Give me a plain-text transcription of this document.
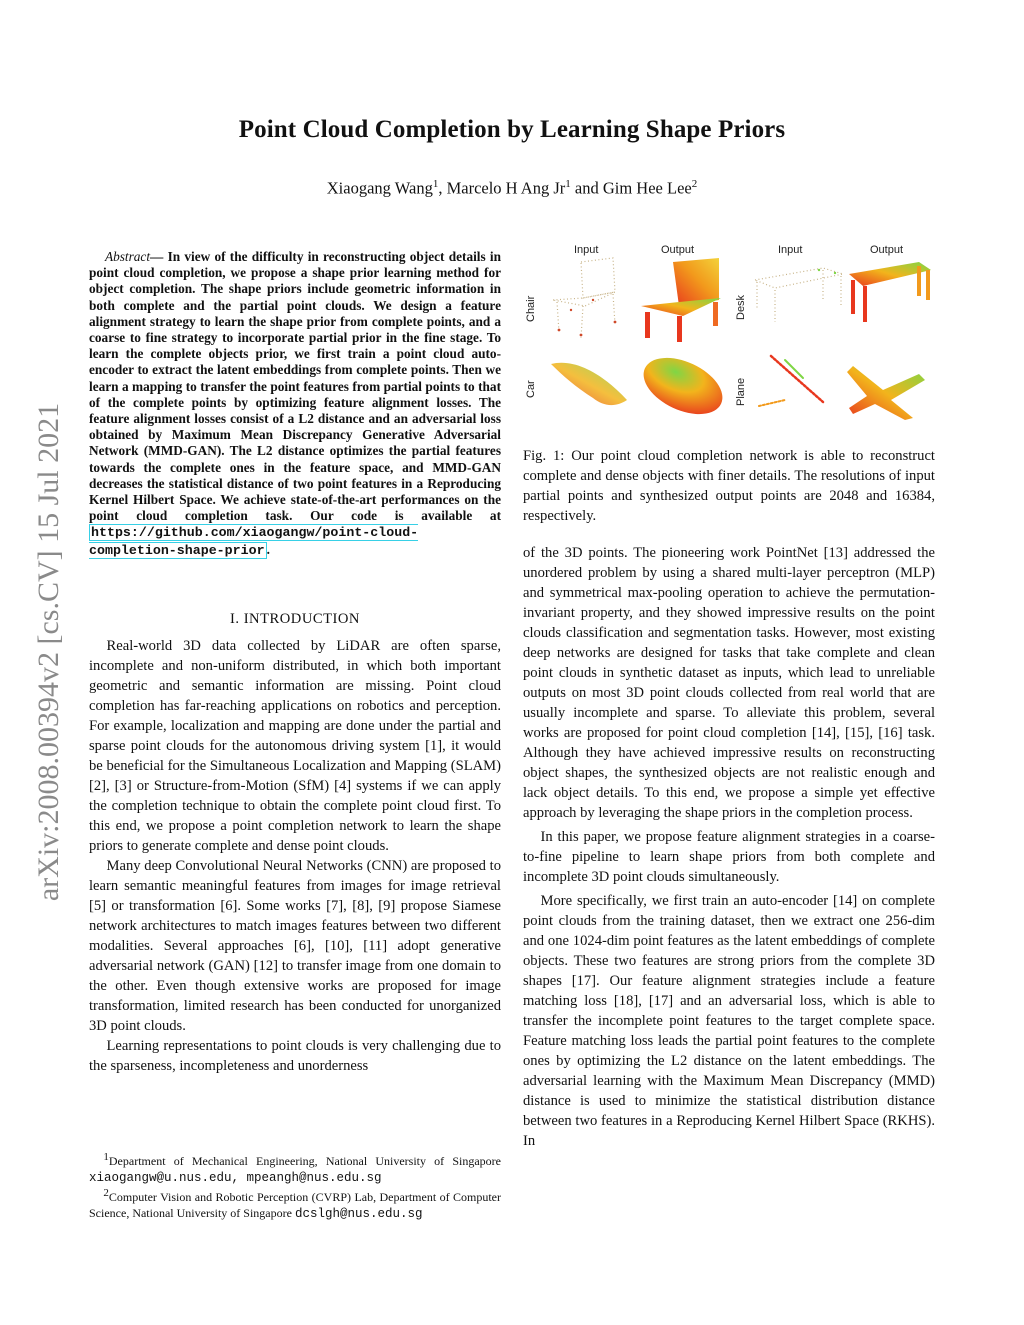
Point Cloud Completion by Learning Shape Priors
Xiaogang Wang$^1$, Marcelo H Ang Jr$^1$ and Gim Hee Lee$^2$
arXiv:2008.00394v2 [cs.CV] 15 Jul 2021
Abstract— In view of the difficulty in reconstructing object details in point cloud completion, we propose a shape prior learning method for object completion. The shape priors include geometric information in both complete and the partial point clouds. We design a feature alignment strategy to learn the shape prior from complete points, and a coarse to fine strategy to incorporate partial prior in the fine stage. To learn the complete objects prior, we first train a point cloud auto-encoder to extract the latent embeddings from complete points. Then we learn a mapping to transfer the point features from partial points to that of the complete points by optimizing feature alignment losses. The feature alignment losses consist of a L2 distance and an adversarial loss obtained by Maximum Mean Discrepancy Generative Adversarial Network (MMD-GAN). The L2 distance optimizes the partial features towards the complete ones in the feature space, and MMD-GAN decreases the statistical distance of two point features in a Reproducing Kernel Hilbert Space. We achieve state-of-the-art performances on the point cloud completion task. Our code is available at https://github.com/xiaogangw/point-cloud-completion-shape-prior .
I. INTRODUCTION

Real-world 3D data collected by LiDAR are often sparse, incomplete and non-uniform distributed, in which both important geometric and semantic information are missing. Point cloud completion has far-reaching applications on robotics and perception. For example, localization and mapping are done under the partial and sparse point clouds for the autonomous driving system [1], it would be beneficial for the Simultaneous Localization and Mapping (SLAM) [2], [3] or Structure-from-Motion (SfM) [4] systems if we can apply the completion technique to obtain the complete point cloud first. To this end, we propose a point completion network to learn the shape priors to generate complete and dense point clouds.

Many deep Convolutional Neural Networks (CNN) are proposed to learn semantic meaningful features from images for image retrieval [5] or transformation [6]. Some works [7], [8], [9] propose Siamese network architectures to match images features between two different modalities. Several approaches [6], [10], [11] adopt generative adversarial network (GAN) [12] to transfer image from one domain to the other. Even though extensive works are proposed for image transformation, limited research has been conducted for unorganized 3D point clouds.

Learning representations to point clouds is very challenging due to the sparseness, incompleteness and unorderness

$^1$Department of Mechanical Engineering, National University of Singapore xiaogangw@u.nus.edu, mpeangh@nus.edu.sg

$^2$Computer Vision and Robotic Perception (CVRP) Lab, Department of Computer Science, National University of Singapore dcslgh@nus.edu.sg

Input	Output	Input	Output
Chair	Desk
Car	Plane
Fig. 1: Our point cloud completion network is able to reconstruct complete and dense objects with finer details. The resolutions of input partial points and synthesized output points are 2048 and 16384, respectively.

of the 3D points. The pioneering work PointNet [13] addressed the unordered problem by using a shared multi-layer perceptron (MLP) and symmetrical max-pooling operation to achieve the permutation-invariant property, and they showed impressive results on the point clouds classification and segmentation tasks. However, most existing deep networks are designed for tasks that take complete and clean point clouds in synthetic dataset as inputs, which lead to unreliable outputs on most 3D point clouds collected from real world that are usually incomplete and sparse. To alleviate this problem, several works are proposed for point cloud completion [14], [15], [16] task. Although they have achieved impressive results on reconstructing object shapes, the synthesized objects are not realistic enough and lack object details. To this end, we propose a simple yet effective approach by leveraging the shape priors in the completion process.

In this paper, we propose feature alignment strategies in a coarse-to-fine pipeline to learn shape priors from both complete and incomplete 3D point clouds simultaneously.

More specifically, we first train an auto-encoder [14] on complete point clouds from the training dataset, then we extract one 256-dim and one 1024-dim point features as the latent embeddings of complete objects. These two features are strong priors from the complete 3D shapes [17]. Our feature alignment strategies include a feature matching loss [18], [17] and an adversarial loss, which is able to transfer the incomplete point features to the target complete space. Feature matching loss leads the partial point features to the complete ones by optimizing the L2 distance on the latent embeddings. The adversarial learning with the Maximum Mean Discrepancy (MMD) distance is used to minimize the statistical distribution distance between two features in a Reproducing Kernel Hilbert Space (RKHS). In
